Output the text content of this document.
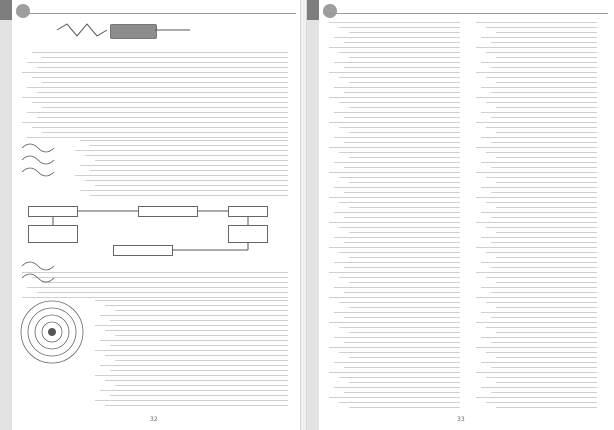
32	33
